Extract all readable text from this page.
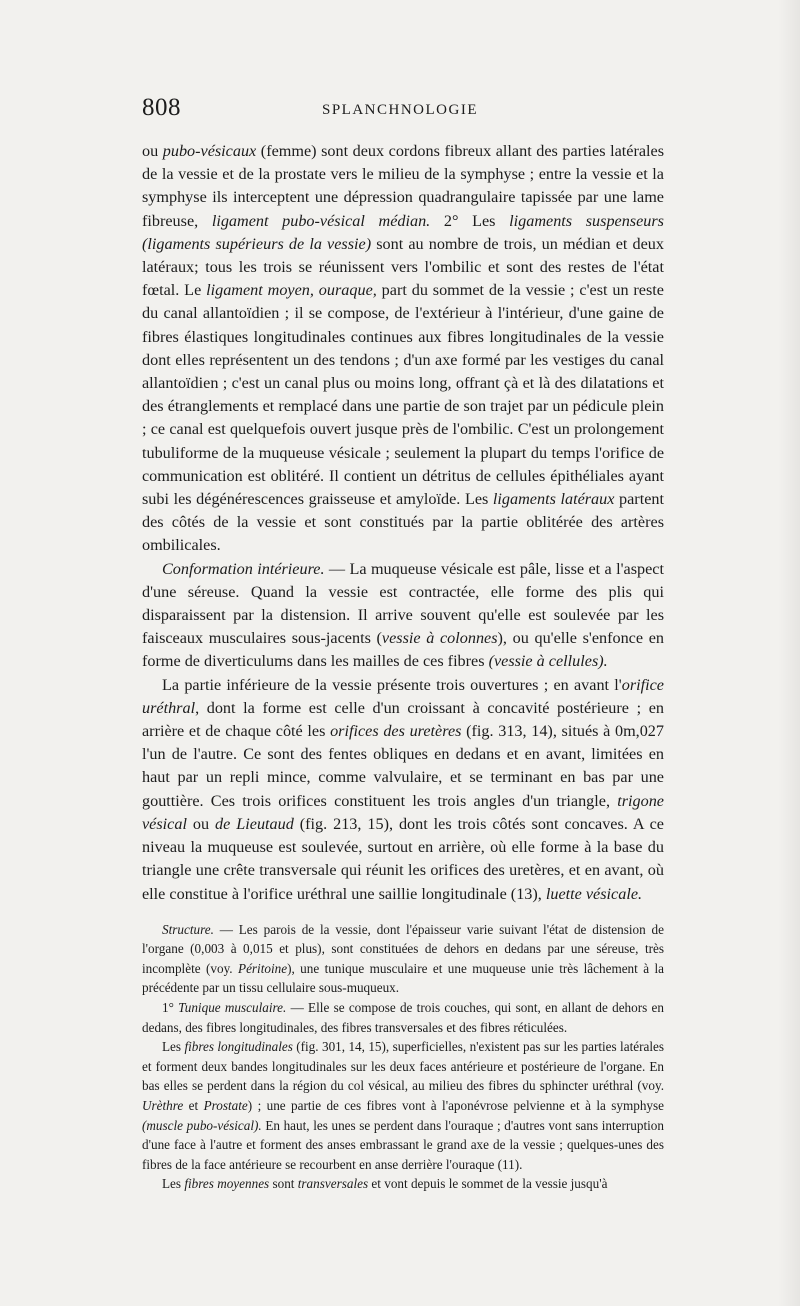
808	SPLANCHNOLOGIE

ou pubo-vésicaux (femme) sont deux cordons fibreux allant des parties latérales de la vessie et de la prostate vers le milieu de la symphyse ; entre la vessie et la symphyse ils interceptent une dépression quadrangulaire tapissée par une lame fibreuse, ligament pubo-vésical médian. 2° Les ligaments suspenseurs (ligaments supérieurs de la vessie) sont au nombre de trois, un médian et deux latéraux; tous les trois se réunissent vers l'ombilic et sont des restes de l'état fœtal. Le ligament moyen, ouraque, part du sommet de la vessie ; c'est un reste du canal allantoïdien ; il se compose, de l'extérieur à l'intérieur, d'une gaine de fibres élastiques longitudinales continues aux fibres longitudinales de la vessie dont elles représentent un des tendons ; d'un axe formé par les vestiges du canal allantoïdien ; c'est un canal plus ou moins long, offrant çà et là des dilatations et des étranglements et remplacé dans une partie de son trajet par un pédicule plein ; ce canal est quelquefois ouvert jusque près de l'ombilic. C'est un prolongement tubuliforme de la muqueuse vésicale ; seulement la plupart du temps l'orifice de communication est oblitéré. Il contient un détritus de cellules épithéliales ayant subi les dégénérescences graisseuse et amyloïde. Les ligaments latéraux partent des côtés de la vessie et sont constitués par la partie oblitérée des artères ombilicales.

Conformation intérieure. — La muqueuse vésicale est pâle, lisse et a l'aspect d'une séreuse. Quand la vessie est contractée, elle forme des plis qui disparaissent par la distension. Il arrive souvent qu'elle est soulevée par les faisceaux musculaires sous-jacents (vessie à colonnes), ou qu'elle s'enfonce en forme de diverticulums dans les mailles de ces fibres (vessie à cellules).

La partie inférieure de la vessie présente trois ouvertures ; en avant l'orifice uréthral, dont la forme est celle d'un croissant à concavité postérieure ; en arrière et de chaque côté les orifices des uretères (fig. 313, 14), situés à 0m,027 l'un de l'autre. Ce sont des fentes obliques en dedans et en avant, limitées en haut par un repli mince, comme valvulaire, et se terminant en bas par une gouttière. Ces trois orifices constituent les trois angles d'un triangle, trigone vésical ou de Lieutaud (fig. 213, 15), dont les trois côtés sont concaves. A ce niveau la muqueuse est soulevée, surtout en arrière, où elle forme à la base du triangle une crête transversale qui réunit les orifices des uretères, et en avant, où elle constitue à l'orifice uréthral une saillie longitudinale (13), luette vésicale.

Structure. — Les parois de la vessie, dont l'épaisseur varie suivant l'état de distension de l'organe (0,003 à 0,015 et plus), sont constituées de dehors en dedans par une séreuse, très incomplète (voy. Péritoine), une tunique musculaire et une muqueuse unie très lâchement à la précédente par un tissu cellulaire sous-muqueux.

1° Tunique musculaire. — Elle se compose de trois couches, qui sont, en allant de dehors en dedans, des fibres longitudinales, des fibres transversales et des fibres réticulées.

Les fibres longitudinales (fig. 301, 14, 15), superficielles, n'existent pas sur les parties latérales et forment deux bandes longitudinales sur les deux faces antérieure et postérieure de l'organe. En bas elles se perdent dans la région du col vésical, au milieu des fibres du sphincter uréthral (voy. Urèthre et Prostate) ; une partie de ces fibres vont à l'aponévrose pelvienne et à la symphyse (muscle pubo-vésical). En haut, les unes se perdent dans l'ouraque ; d'autres vont sans interruption d'une face à l'autre et forment des anses embrassant le grand axe de la vessie ; quelques-unes des fibres de la face antérieure se recourbent en anse derrière l'ouraque (11).

Les fibres moyennes sont transversales et vont depuis le sommet de la vessie jusqu'à
